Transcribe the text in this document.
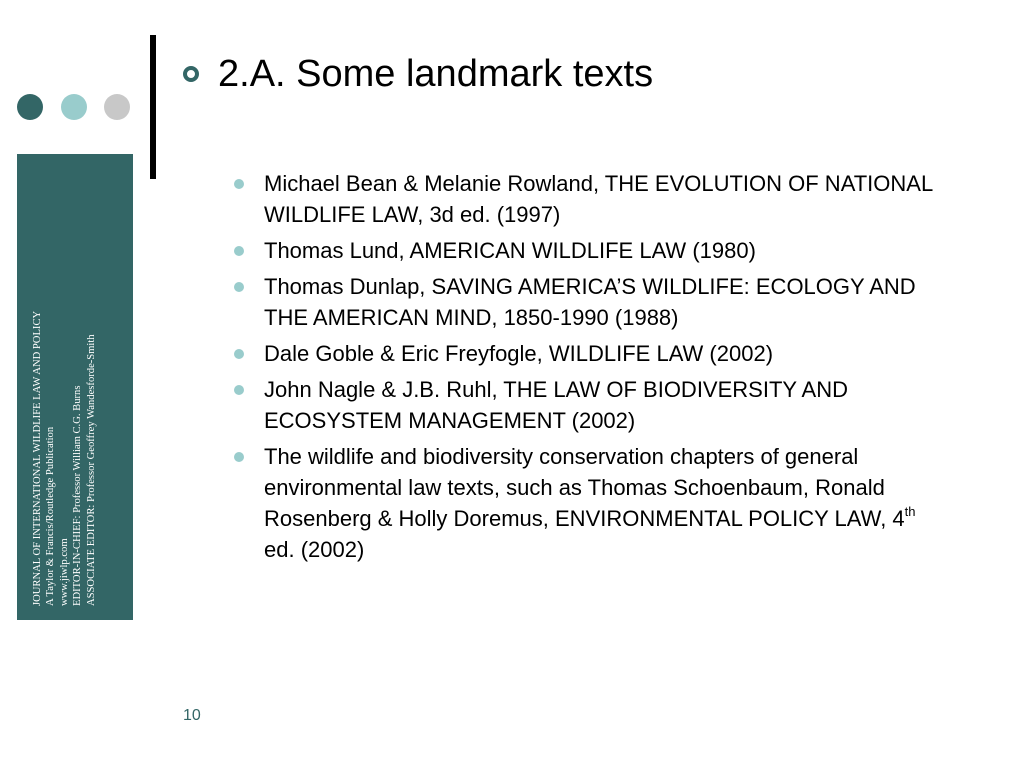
JOURNAL OF INTERNATIONAL WILDLIFE LAW AND POLICY A Taylor & Francis/Routledge Publication www.jiwlp.com EDITOR-IN-CHIEF: Professor William C.G. Burns ASSOCIATE EDITOR: Professor Geoffrey Wandesforde-Smith
2.A. Some landmark texts
Michael Bean & Melanie Rowland, THE EVOLUTION OF NATIONAL WILDLIFE LAW, 3d ed. (1997)
Thomas Lund, AMERICAN WILDLIFE LAW (1980)
Thomas Dunlap, SAVING AMERICA’S WILDLIFE: ECOLOGY AND THE AMERICAN MIND, 1850-1990 (1988)
Dale Goble & Eric Freyfogle, WILDLIFE LAW (2002)
John Nagle & J.B. Ruhl, THE LAW OF BIODIVERSITY AND ECOSYSTEM MANAGEMENT (2002)
The wildlife and biodiversity conservation chapters of general environmental law texts, such as Thomas Schoenbaum, Ronald Rosenberg & Holly Doremus, ENVIRONMENTAL POLICY LAW, 4th ed. (2002)
10
